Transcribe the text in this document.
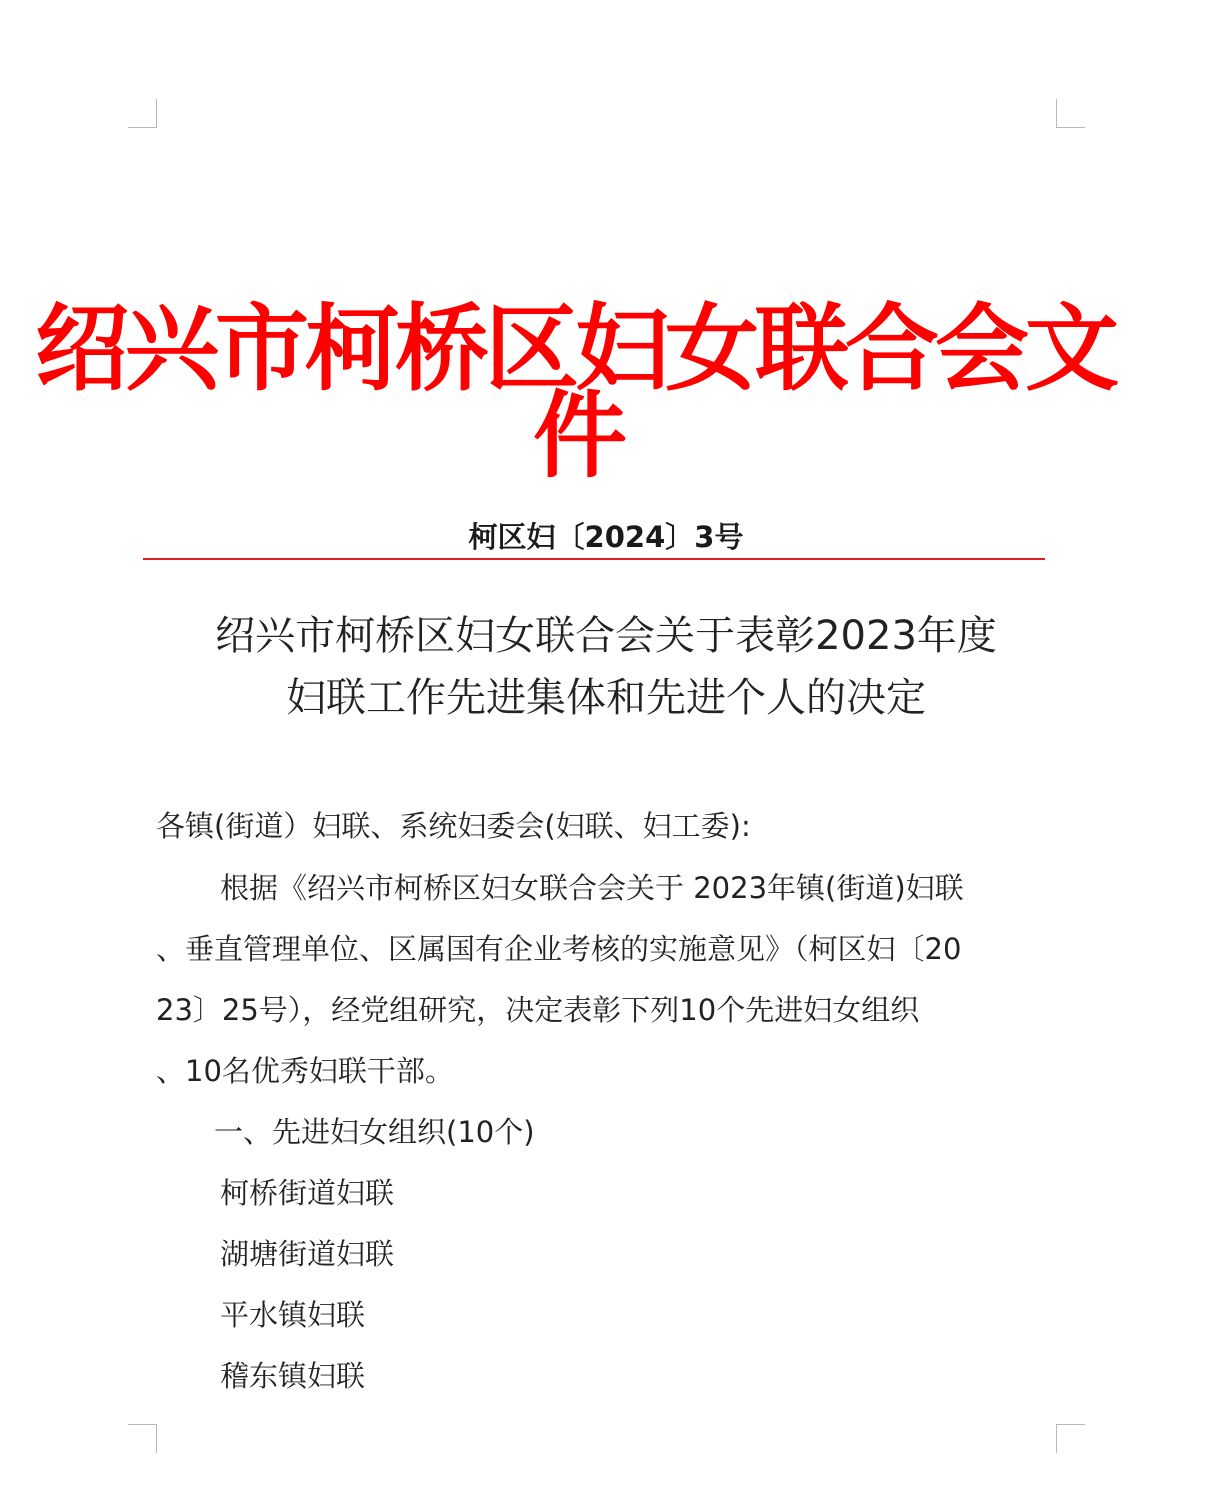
绍兴市柯桥区妇女联合会文
件
柯区妇〔2024〕3号
绍兴市柯桥区妇女联合会关于表彰2023年度
妇联工作先进集体和先进个人的决定
各镇(街道）妇联、系统妇委会(妇联、妇工委):
根据《绍兴市柯桥区妇女联合会关于 2023年镇(街道)妇联
、垂直管理单位、区属国有企业考核的实施意见》（柯区妇〔20
23〕25号），经党组研究，决定表彰下列10个先进妇女组织
、10名优秀妇联干部。
一、先进妇女组织(10个)
柯桥街道妇联
湖塘街道妇联
平水镇妇联
稽东镇妇联
